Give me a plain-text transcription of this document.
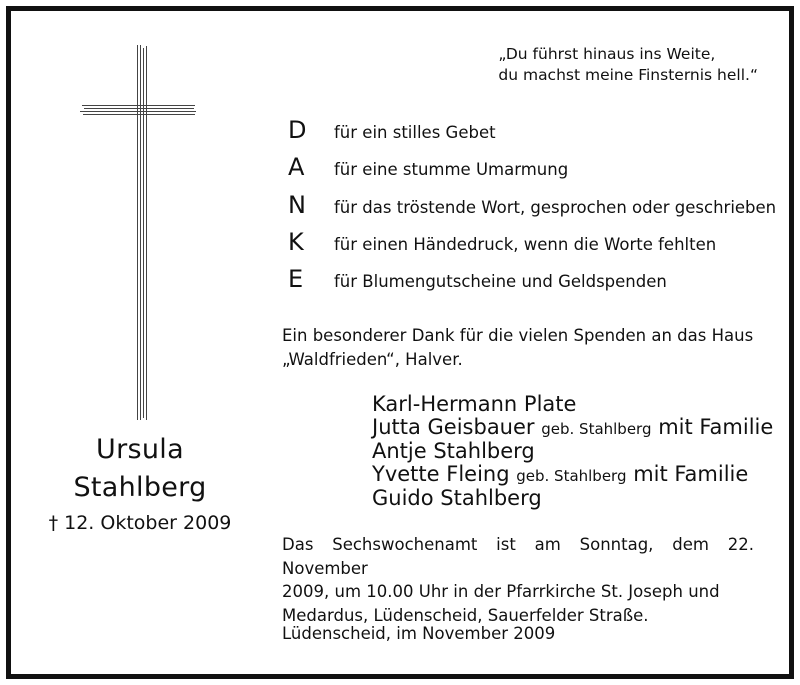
Ursula
Stahlberg
† 12. Oktober 2009
„Du führst hinaus ins Weite,
du machst meine Finsternis hell.“
D für ein stilles Gebet
A für eine stumme Umarmung
N für das tröstende Wort, gesprochen oder geschrieben
K für einen Händedruck, wenn die Worte fehlten
E für Blumengutscheine und Geldspenden
Ein besonderer Dank für die vielen Spenden an das Haus
„Waldfrieden“, Halver.
Karl-Hermann Plate
Jutta Geisbauer geb. Stahlberg mit Familie
Antje Stahlberg
Yvette Fleing geb. Stahlberg mit Familie
Guido Stahlberg
Das Sechswochenamt ist am Sonntag, dem 22. November
2009, um 10.00 Uhr in der Pfarrkirche St. Joseph und
Medardus, Lüdenscheid, Sauerfelder Straße.
Lüdenscheid, im November 2009
